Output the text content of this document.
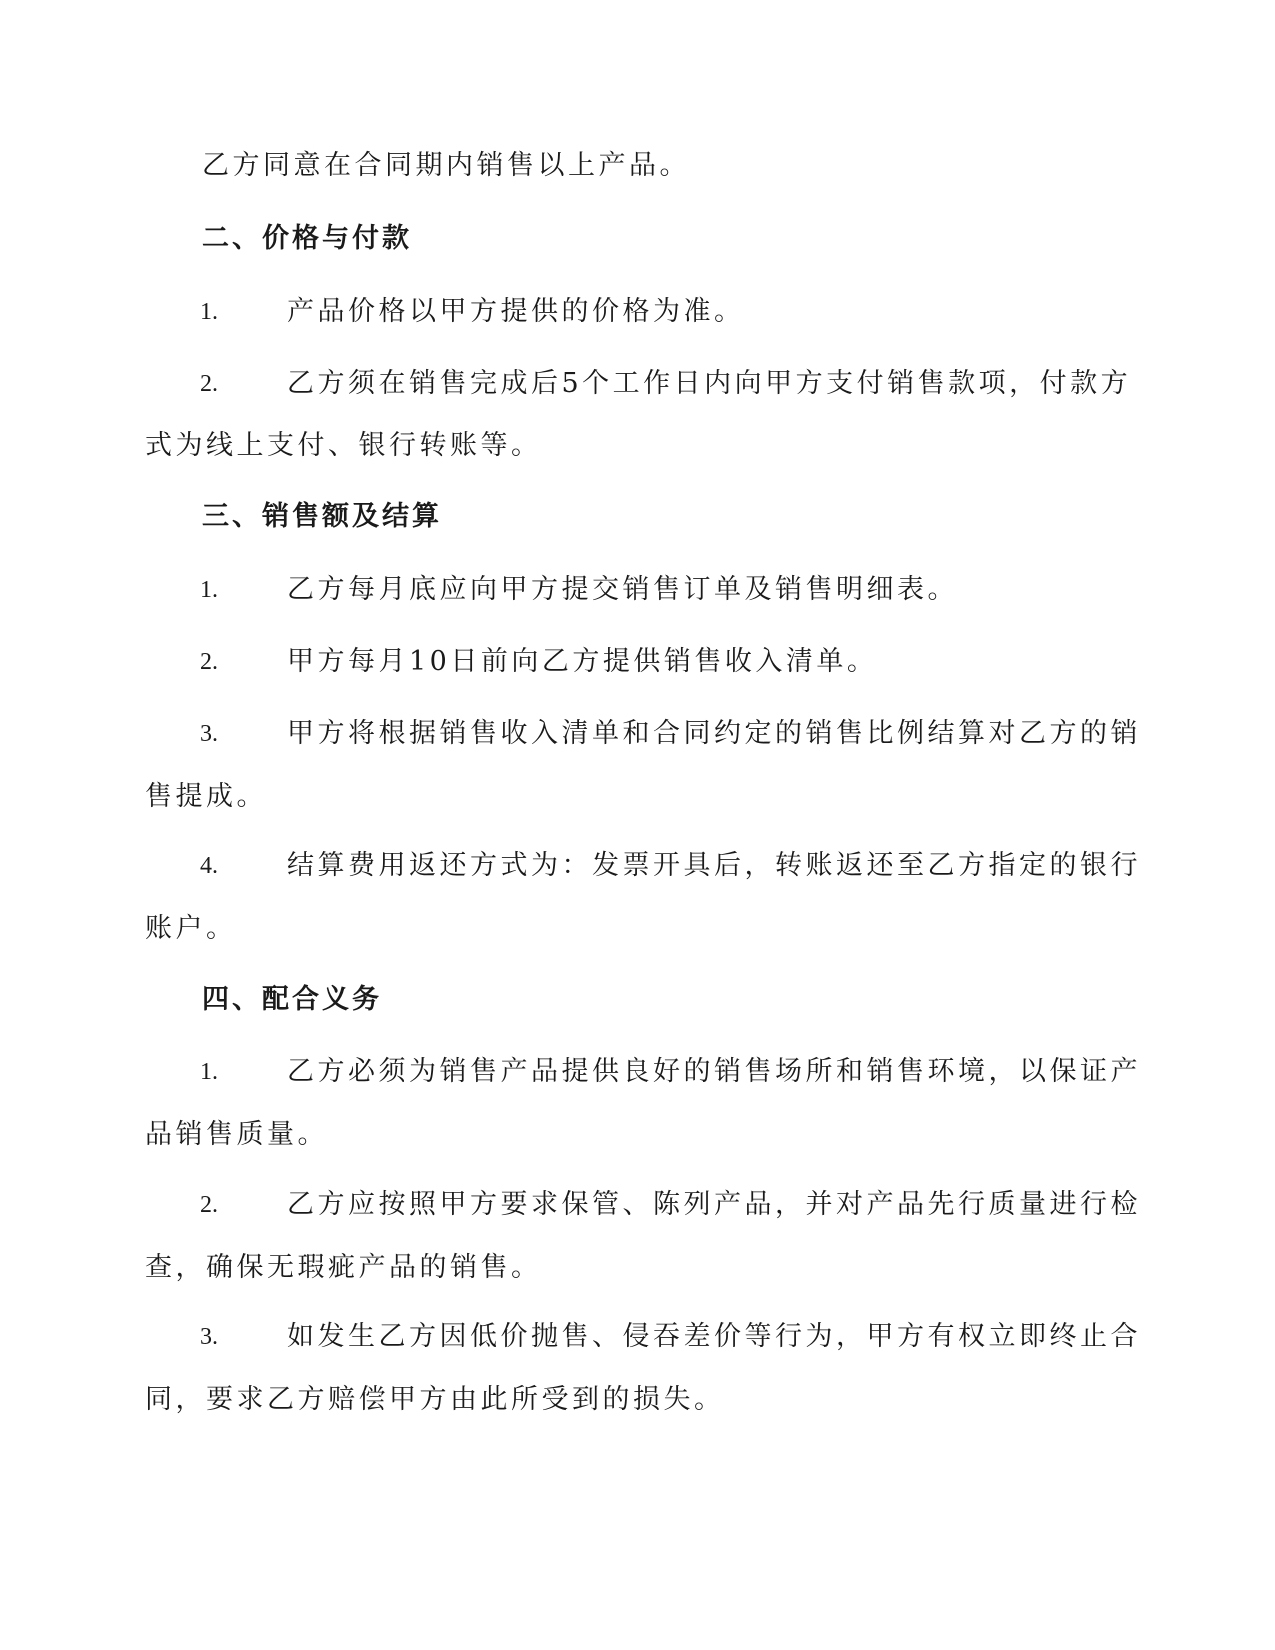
乙方同意在合同期内销售以上产品。
二、价格与付款
1.	产品价格以甲方提供的价格为准。
2.	乙方须在销售完成后5个工作日内向甲方支付销售款项，付款方
式为线上支付、银行转账等。
三、销售额及结算
1.	乙方每月底应向甲方提交销售订单及销售明细表。
2.	甲方每月10日前向乙方提供销售收入清单。
3.	甲方将根据销售收入清单和合同约定的销售比例结算对乙方的销
售提成。
4.	结算费用返还方式为：发票开具后，转账返还至乙方指定的银行
账户。
四、配合义务
1.	乙方必须为销售产品提供良好的销售场所和销售环境，以保证产
品销售质量。
2.	乙方应按照甲方要求保管、陈列产品，并对产品先行质量进行检
查，确保无瑕疵产品的销售。
3.	如发生乙方因低价抛售、侵吞差价等行为，甲方有权立即终止合
同，要求乙方赔偿甲方由此所受到的损失。
